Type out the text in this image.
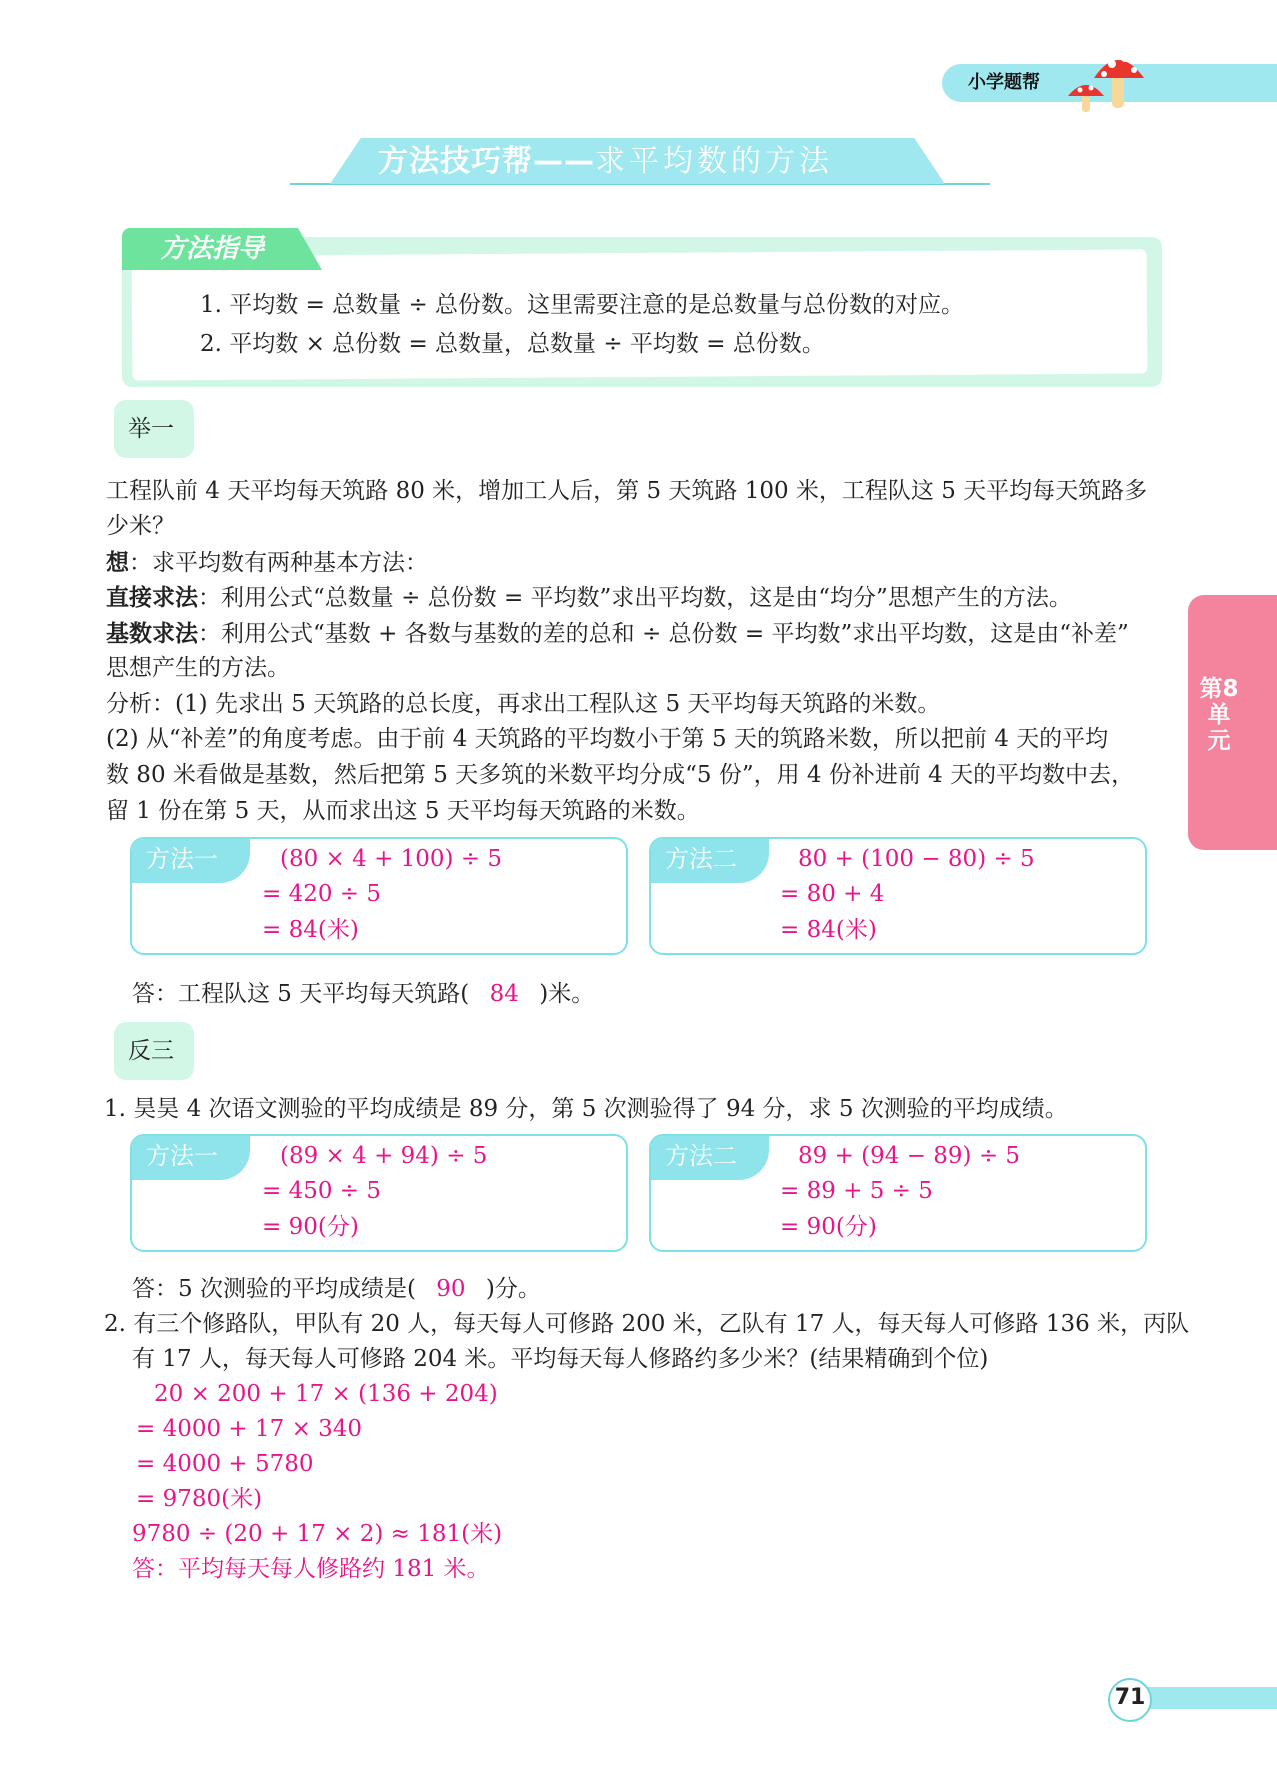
小学题帮
方法技巧帮——求平均数的方法
方法指导
1. 平均数 = 总数量 ÷ 总份数。这里需要注意的是总数量与总份数的对应。
2. 平均数 × 总份数 = 总数量，总数量 ÷ 平均数 = 总份数。
举一
工程队前 4 天平均每天筑路 80 米，增加工人后，第 5 天筑路 100 米，工程队这 5 天平均每天筑路多
少米？
想：求平均数有两种基本方法：
直接求法：利用公式“总数量 ÷ 总份数 = 平均数”求出平均数，这是由“均分”思想产生的方法。
基数求法：利用公式“基数 + 各数与基数的差的总和 ÷ 总份数 = 平均数”求出平均数，这是由“补差”
思想产生的方法。
分析：(1) 先求出 5 天筑路的总长度，再求出工程队这 5 天平均每天筑路的米数。
(2) 从“补差”的角度考虑。由于前 4 天筑路的平均数小于第 5 天的筑路米数，所以把前 4 天的平均
数 80 米看做是基数，然后把第 5 天多筑的米数平均分成“5 份”，用 4 份补进前 4 天的平均数中去，
留 1 份在第 5 天，从而求出这 5 天平均每天筑路的米数。
方法一	(80 × 4 + 100) ÷ 5
= 420 ÷ 5
= 84(米)
方法二	80 + (100 − 80) ÷ 5
= 80 + 4
= 84(米)
答：工程队这 5 天平均每天筑路( 84 )米。
反三
1. 昊昊 4 次语文测验的平均成绩是 89 分，第 5 次测验得了 94 分，求 5 次测验的平均成绩。
方法一	(89 × 4 + 94) ÷ 5
= 450 ÷ 5
= 90(分)
方法二	89 + (94 − 89) ÷ 5
= 89 + 5 ÷ 5
= 90(分)
答：5 次测验的平均成绩是( 90 )分。
2. 有三个修路队，甲队有 20 人，每天每人可修路 200 米，乙队有 17 人，每天每人可修路 136 米，丙队
有 17 人，每天每人可修路 204 米。平均每天每人修路约多少米？(结果精确到个位)
20 × 200 + 17 × (136 + 204)
= 4000 + 17 × 340
= 4000 + 5780
= 9780(米)
9780 ÷ (20 + 17 × 2) ≈ 181(米)
答：平均每天每人修路约 181 米。
第8单元
71
